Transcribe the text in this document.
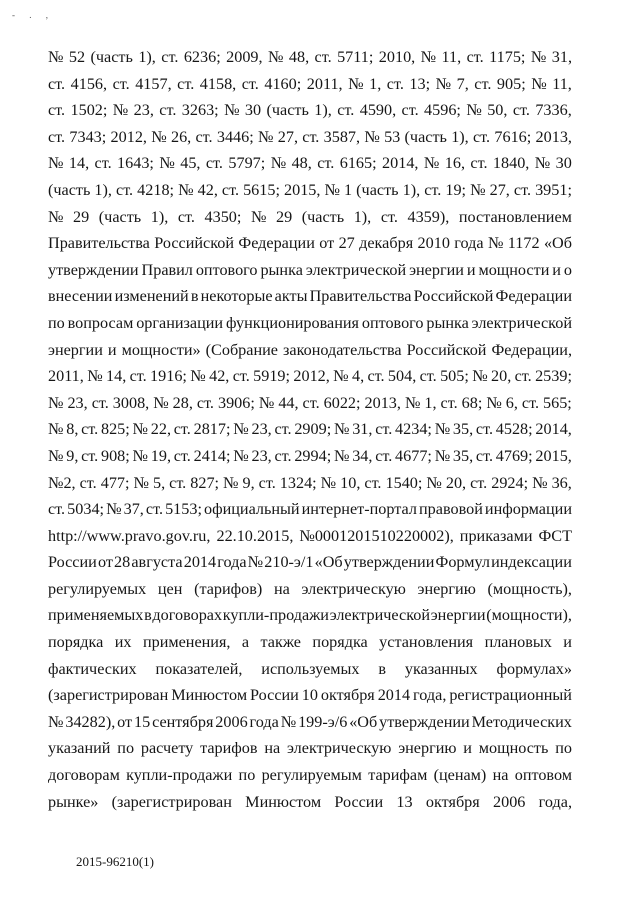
- . ,
№ 52 (часть 1), ст. 6236; 2009, № 48, ст. 5711; 2010, № 11, ст. 1175; № 31,
ст. 4156, ст. 4157, ст. 4158, ст. 4160; 2011, № 1, ст. 13; № 7, ст. 905; № 11,
ст. 1502; № 23, ст. 3263; № 30 (часть 1), ст. 4590, ст. 4596; № 50, ст. 7336,
ст. 7343; 2012, № 26, ст. 3446; № 27, ст. 3587, № 53 (часть 1), ст. 7616; 2013,
№ 14, ст. 1643; № 45, ст. 5797; № 48, ст. 6165; 2014, № 16, ст. 1840, № 30
(часть 1), ст. 4218; № 42, ст. 5615; 2015, № 1 (часть 1), ст. 19; № 27, ст. 3951;
№ 29 (часть 1), ст. 4350; № 29 (часть 1), ст. 4359), постановлением
Правительства Российской Федерации от 27 декабря 2010 года № 1172 «Об
утверждении Правил оптового рынка электрической энергии и мощности и о
внесении изменений в некоторые акты Правительства Российской Федерации
по вопросам организации функционирования оптового рынка электрической
энергии и мощности» (Собрание законодательства Российской Федерации,
2011, № 14, ст. 1916; № 42, ст. 5919; 2012, № 4, ст. 504, ст. 505; № 20, ст. 2539;
№ 23, ст. 3008, № 28, ст. 3906; № 44, ст. 6022; 2013, № 1, ст. 68; № 6, ст. 565;
№ 8, ст. 825; № 22, ст. 2817; № 23, ст. 2909; № 31, ст. 4234; № 35, ст. 4528; 2014,
№ 9, ст. 908; № 19, ст. 2414; № 23, ст. 2994; № 34, ст. 4677; № 35, ст. 4769; 2015,
№2, ст. 477; № 5, ст. 827; № 9, ст. 1324; № 10, ст. 1540; № 20, ст. 2924; № 36,
ст. 5034; № 37, ст. 5153; официальный интернет-портал правовой информации
http://www.pravo.gov.ru, 22.10.2015, №0001201510220002), приказами ФСТ
России от 28 августа 2014 года № 210-э/1 «Об утверждении Формул индексации
регулируемых цен (тарифов) на электрическую энергию (мощность),
применяемых в договорах купли-продажи электрической энергии (мощности),
порядка их применения, а также порядка установления плановых и
фактических показателей, используемых в указанных формулах»
(зарегистрирован Минюстом России 10 октября 2014 года, регистрационный
№ 34282), от 15 сентября 2006 года № 199-э/6 «Об утверждении Методических
указаний по расчету тарифов на электрическую энергию и мощность по
договорам купли-продажи по регулируемым тарифам (ценам) на оптовом
рынке» (зарегистрирован Минюстом России 13 октября 2006 года,
2015-96210(1)
